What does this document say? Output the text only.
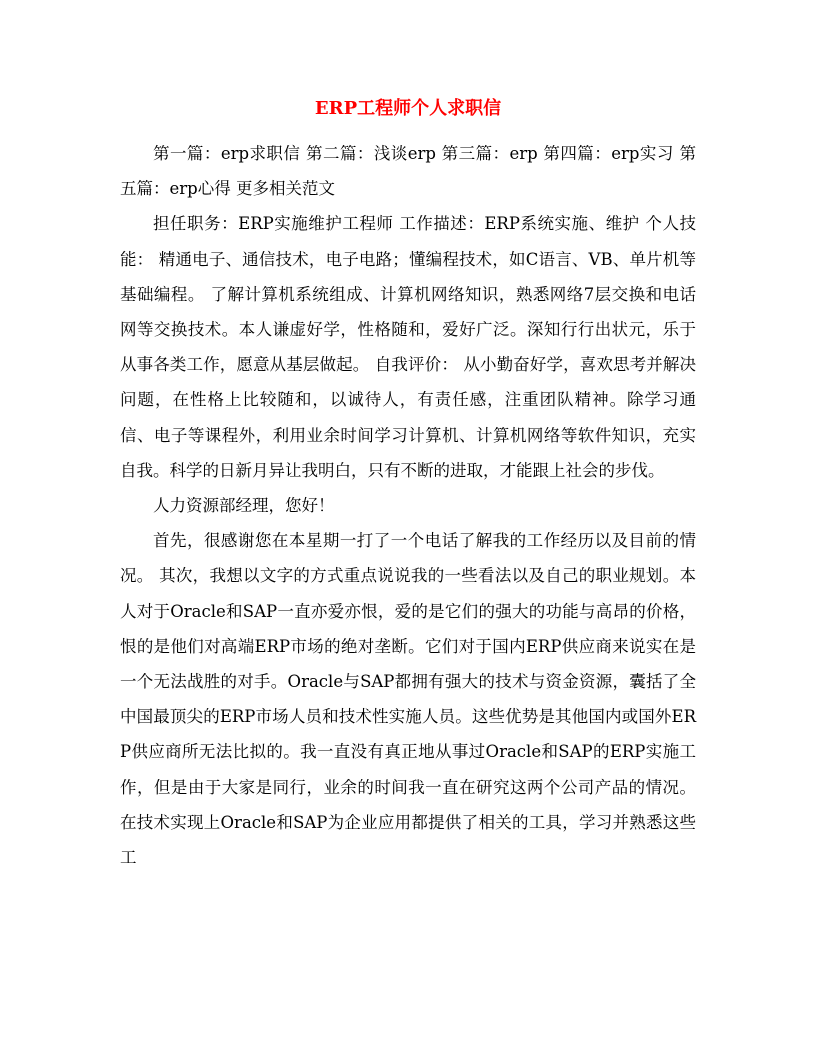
ERP工程师个人求职信

第一篇：erp求职信 第二篇：浅谈erp 第三篇：erp 第四篇：erp实习 第五篇：erp心得 更多相关范文

担任职务：ERP实施维护工程师 工作描述：ERP系统实施、维护 个人技能： 精通电子、通信技术，电子电路；懂编程技术，如C语言、VB、单片机等基础编程。 了解计算机系统组成、计算机网络知识，熟悉网络7层交换和电话网等交换技术。本人谦虚好学，性格随和，爱好广泛。深知行行出状元，乐于从事各类工作，愿意从基层做起。 自我评价： 从小勤奋好学，喜欢思考并解决问题，在性格上比较随和，以诚待人，有责任感，注重团队精神。除学习通信、电子等课程外，利用业余时间学习计算机、计算机网络等软件知识，充实自我。科学的日新月异让我明白，只有不断的进取，才能跟上社会的步伐。

人力资源部经理，您好！

首先，很感谢您在本星期一打了一个电话了解我的工作经历以及目前的情况。 其次，我想以文字的方式重点说说我的一些看法以及自己的职业规划。本人对于Oracle和SAP一直亦爱亦恨，爱的是它们的强大的功能与高昂的价格，恨的是他们对高端ERP市场的绝对垄断。它们对于国内ERP供应商来说实在是一个无法战胜的对手。Oracle与SAP都拥有强大的技术与资金资源，囊括了全中国最顶尖的ERP市场人员和技术性实施人员。这些优势是其他国内或国外ERP供应商所无法比拟的。我一直没有真正地从事过Oracle和SAP的ERP实施工作，但是由于大家是同行，业余的时间我一直在研究这两个公司产品的情况。在技术实现上Oracle和SAP为企业应用都提供了相关的工具，学习并熟悉这些工
